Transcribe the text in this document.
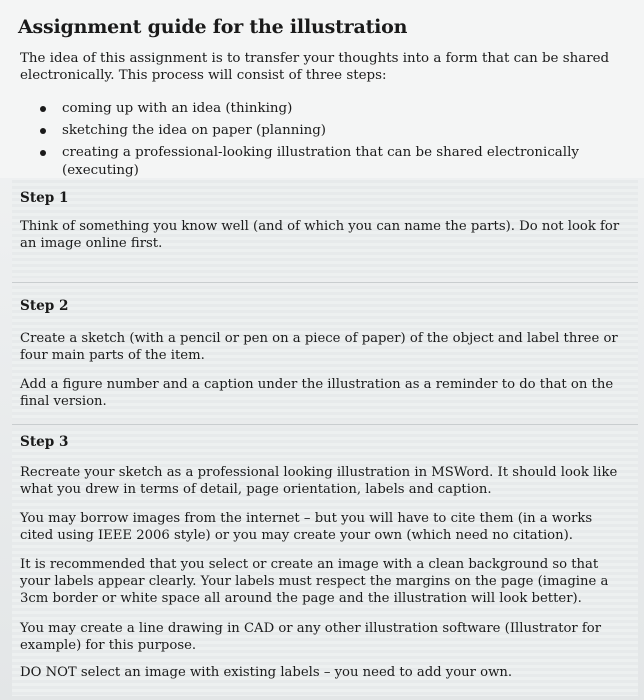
Assignment guide for the illustration
The idea of this assignment is to transfer your thoughts into a form that can be shared electronically. This process will consist of three steps:
coming up with an idea (thinking)
sketching the idea on paper (planning)
creating a professional-looking illustration that can be shared electronically (executing)
Step 1
Think of something you know well (and of which you can name the parts). Do not look for an image online first.
Step 2
Create a sketch (with a pencil or pen on a piece of paper) of the object and label three or four main parts of the item.
Add a figure number and a caption under the illustration as a reminder to do that on the final version.
Step 3
Recreate your sketch as a professional looking illustration in MSWord. It should look like what you drew in terms of detail, page orientation, labels and caption.
You may borrow images from the internet – but you will have to cite them (in a works cited using IEEE 2006 style) or you may create your own (which need no citation).
It is recommended that you select or create an image with a clean background so that your labels appear clearly. Your labels must respect the margins on the page (imagine a 3cm border or white space all around the page and the illustration will look better).
You may create a line drawing in CAD or any other illustration software (Illustrator for example) for this purpose.
DO NOT select an image with existing labels – you need to add your own.
